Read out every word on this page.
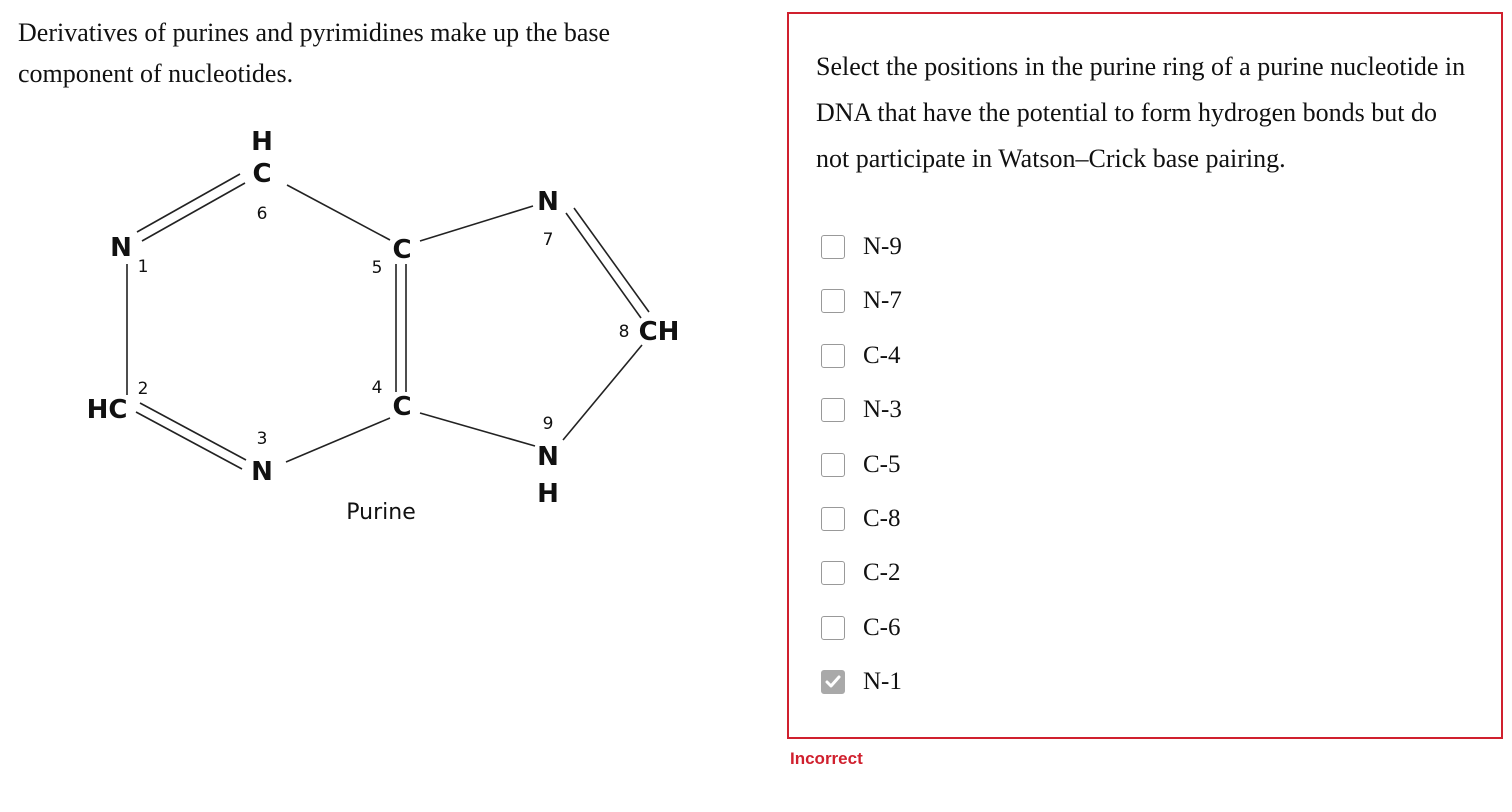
Derivatives of purines and pyrimidines make up the base component of nucleotides.
H
C
N
HC
N
C
C
N
CH
N
H
1
2
3
4
5
6
7
8
9
Purine
Select the positions in the purine ring of a purine nucleotide in DNA that have the potential to form hydrogen bonds but do not participate in Watson–Crick base pairing.
N-9
N-7
C-4
N-3
C-5
C-8
C-2
C-6
N-1
Incorrect
